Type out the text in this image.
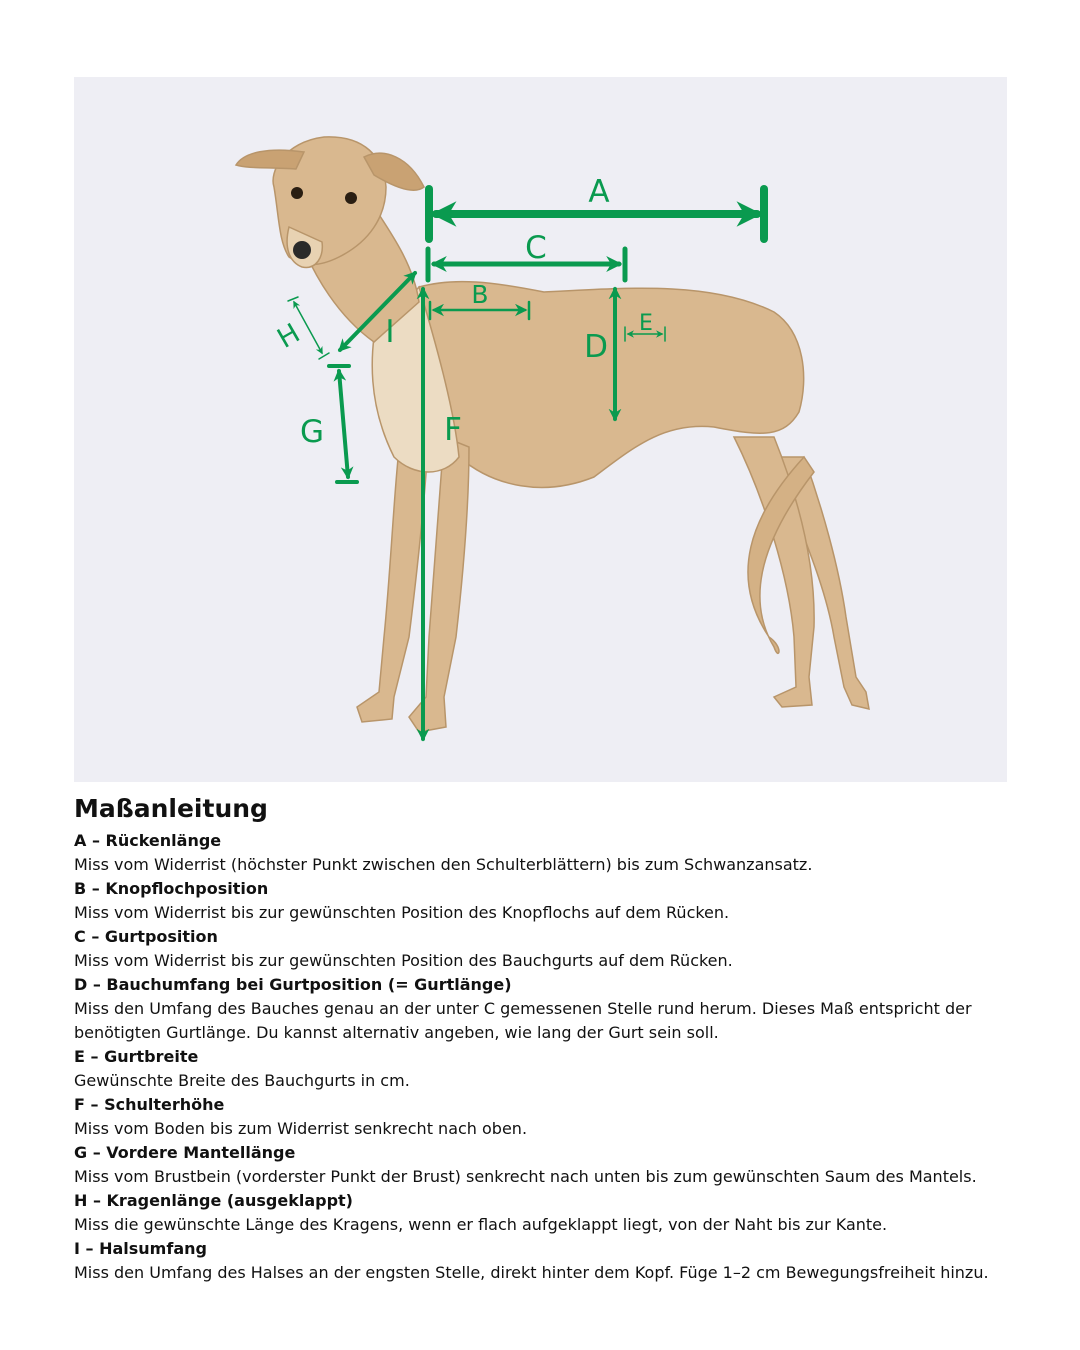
A
C
B
E
D
F
G
I
H
Maßanleitung
A – Rückenlänge
Miss vom Widerrist (höchster Punkt zwischen den Schulterblättern) bis zum Schwanzansatz.
B – Knopflochposition
Miss vom Widerrist bis zur gewünschten Position des Knopflochs auf dem Rücken.
C – Gurtposition
Miss vom Widerrist bis zur gewünschten Position des Bauchgurts auf dem Rücken.
D – Bauchumfang bei Gurtposition (= Gurtlänge)
Miss den Umfang des Bauches genau an der unter C gemessenen Stelle rund herum. Dieses Maß entspricht der benötigten Gurtlänge. Du kannst alternativ angeben, wie lang der Gurt sein soll.
E – Gurtbreite
Gewünschte Breite des Bauchgurts in cm.
F – Schulterhöhe
Miss vom Boden bis zum Widerrist senkrecht nach oben.
G – Vordere Mantellänge
Miss vom Brustbein (vorderster Punkt der Brust) senkrecht nach unten bis zum gewünschten Saum des Mantels.
H – Kragenlänge (ausgeklappt)
Miss die gewünschte Länge des Kragens, wenn er flach aufgeklappt liegt, von der Naht bis zur Kante.
I – Halsumfang
Miss den Umfang des Halses an der engsten Stelle, direkt hinter dem Kopf. Füge 1–2 cm Bewegungsfreiheit hinzu.
